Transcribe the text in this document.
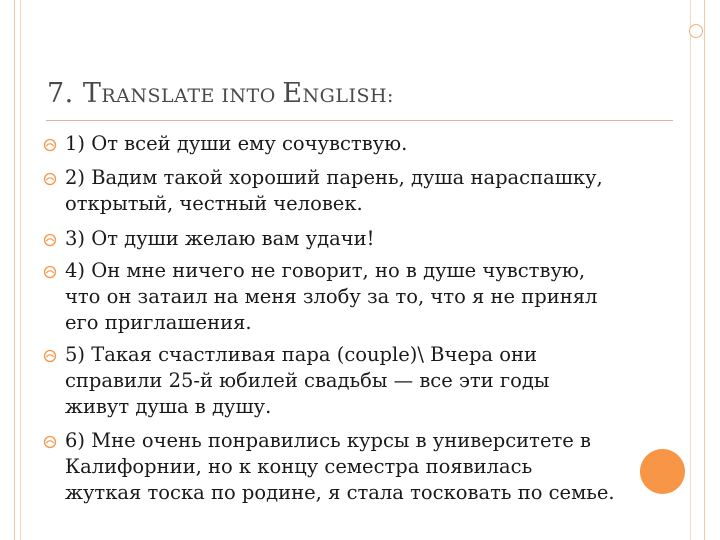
7. TRANSLATE INTO ENGLISH:
1) От всей души ему сочувствую.
2) Вадим такой хороший парень, душа нараспашку,
открытый, честный человек.
3) От души желаю вам удачи!
4) Он мне ничего не говорит, но в душе чувствую,
что он затаил на меня злобу за то, что я не принял
его приглашения.
5) Такая счастливая пара (couple)\ Вчера они
справили 25-й юбилей свадьбы — все эти годы
живут душа в душу.
6) Мне очень понравились курсы в университете в
Калифорнии, но к концу семестра появилась
жуткая тоска по родине, я стала тосковать по семье.
